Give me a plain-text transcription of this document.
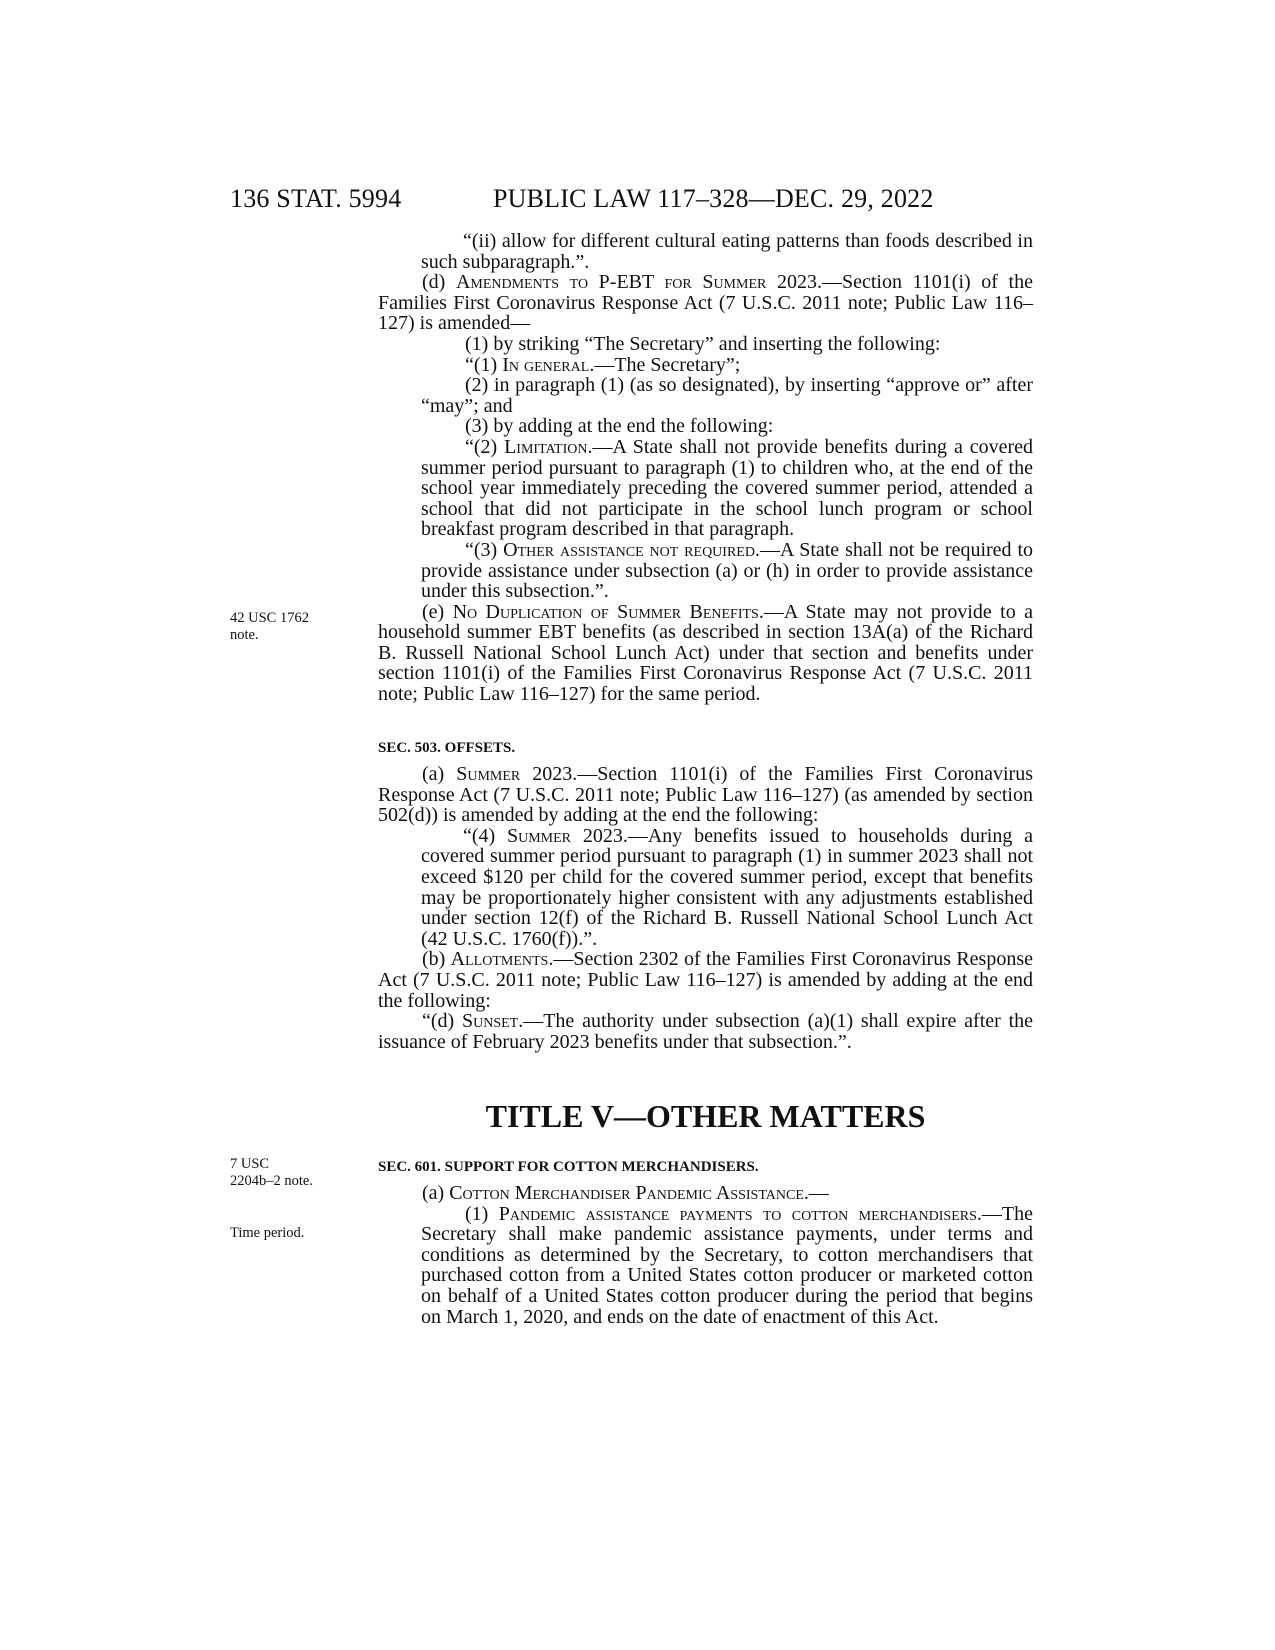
136 STAT. 5994	PUBLIC LAW 117–328—DEC. 29, 2022
42 USC 1762
note.
7 USC
2204b–2 note.
Time period.

“(ii) allow for different cultural eating patterns than foods described in such subparagraph.”.

(d) Amendments to P-EBT for Summer 2023.—Section 1101(i) of the Families First Coronavirus Response Act (7 U.S.C. 2011 note; Public Law 116–127) is amended—

(1) by striking “The Secretary” and inserting the following:

“(1) In general.—The Secretary”;

(2) in paragraph (1) (as so designated), by inserting “approve or” after “may”; and

(3) by adding at the end the following:

“(2) Limitation.—A State shall not provide benefits during a covered summer period pursuant to paragraph (1) to children who, at the end of the school year immediately preceding the covered summer period, attended a school that did not participate in the school lunch program or school breakfast program described in that paragraph.

“(3) Other assistance not required.—A State shall not be required to provide assistance under subsection (a) or (h) in order to provide assistance under this subsection.”.

(e) No Duplication of Summer Benefits.—A State may not provide to a household summer EBT benefits (as described in section 13A(a) of the Richard B. Russell National School Lunch Act) under that section and benefits under section 1101(i) of the Families First Coronavirus Response Act (7 U.S.C. 2011 note; Public Law 116–127) for the same period.

SEC. 503. OFFSETS.

(a) Summer 2023.—Section 1101(i) of the Families First Coronavirus Response Act (7 U.S.C. 2011 note; Public Law 116–127) (as amended by section 502(d)) is amended by adding at the end the following:

“(4) Summer 2023.—Any benefits issued to households during a covered summer period pursuant to paragraph (1) in summer 2023 shall not exceed $120 per child for the covered summer period, except that benefits may be proportionately higher consistent with any adjustments established under section 12(f) of the Richard B. Russell National School Lunch Act (42 U.S.C. 1760(f)).”.

(b) Allotments.—Section 2302 of the Families First Coronavirus Response Act (7 U.S.C. 2011 note; Public Law 116–127) is amended by adding at the end the following:

“(d) Sunset.—The authority under subsection (a)(1) shall expire after the issuance of February 2023 benefits under that subsection.”.

TITLE V—OTHER MATTERS

SEC. 601. SUPPORT FOR COTTON MERCHANDISERS.

(a) Cotton Merchandiser Pandemic Assistance.—

(1) Pandemic assistance payments to cotton merchandisers.—The Secretary shall make pandemic assistance payments, under terms and conditions as determined by the Secretary, to cotton merchandisers that purchased cotton from a United States cotton producer or marketed cotton on behalf of a United States cotton producer during the period that begins on March 1, 2020, and ends on the date of enactment of this Act.
